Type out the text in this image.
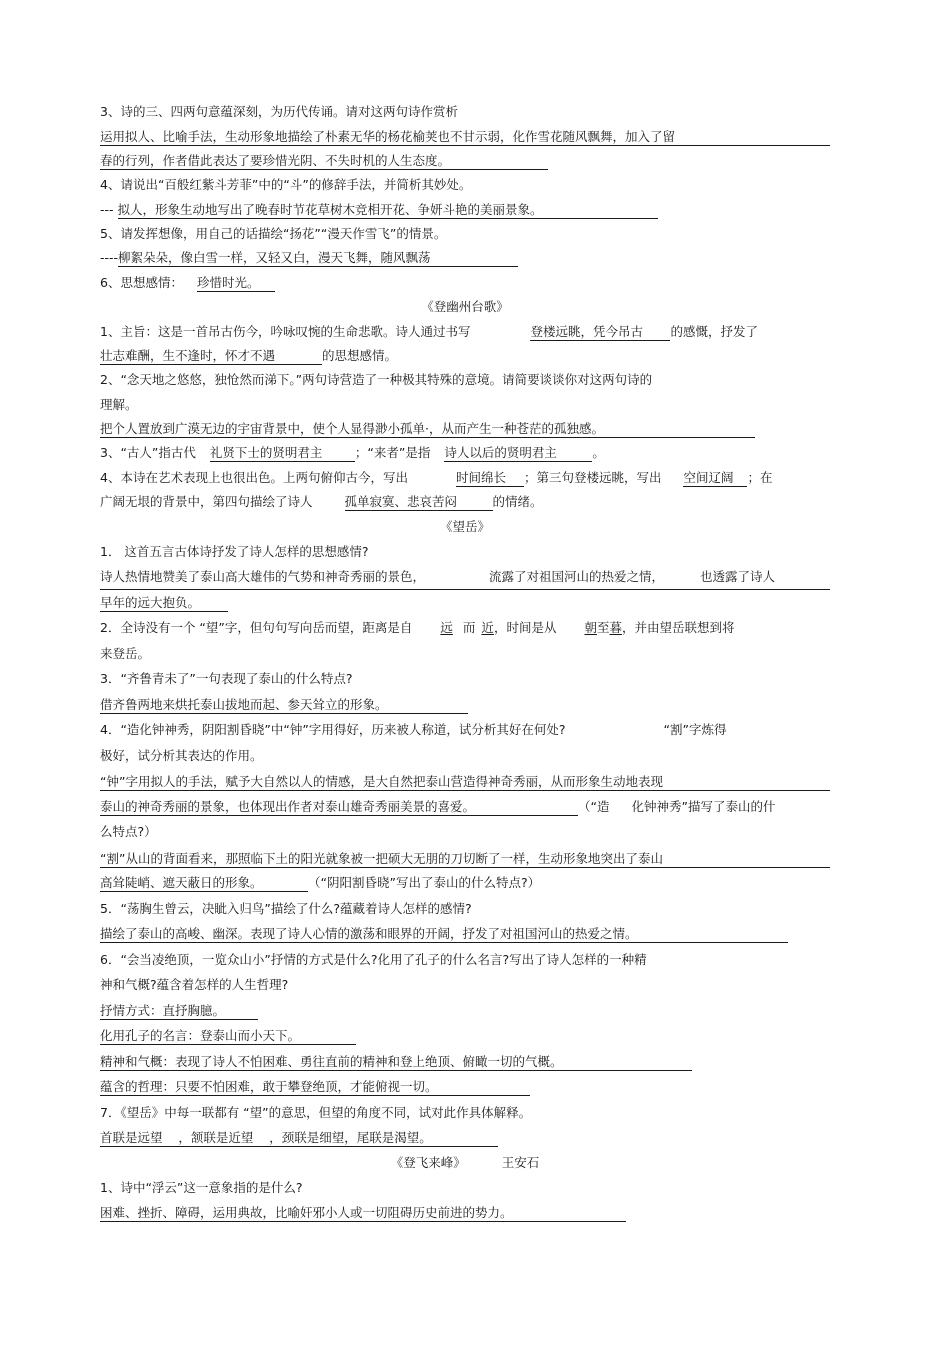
3、诗的三、四两句意蕴深刻，为历代传诵。请对这两句诗作赏析
运用拟人、比喻手法，生动形象地描绘了朴素无华的杨花榆荚也不甘示弱，化作雪花随风飘舞，加入了留
春的行列，作者借此表达了要珍惜光阴、不失时机的人生态度。
4、请说出“百般红紫斗芳菲”中的“斗”的修辞手法，并简析其妙处。
--- 拟人，形象生动地写出了晚春时节花草树木竞相开花、争妍斗艳的美丽景象。
5、请发挥想像，用自己的话描绘“扬花”“漫天作雪飞”的情景。
----柳絮朵朵，像白雪一样，又轻又白，漫天飞舞，随风飘荡
6、思想感情： 珍惜时光。
《登幽州台歌》
1、主旨：这是一首吊古伤今，吟咏叹惋的生命悲歌。诗人通过书写	登楼远眺，凭今吊古 的感慨，抒发了
壮志难酬，生不逢时，怀才不遇	的思想感情。
2、“念天地之悠悠，独怆然而涕下。”两句诗营造了一种极其特殊的意境。请简要谈谈你对这两句诗的
理解。
把个人置放到广漠无边的宇宙背景中，使个人显得渺小孤单·，从而产生一种苍茫的孤独感。
3、“古人”指古代 礼贤下士的贤明君主	；“来者”是指 诗人以后的贤明君主	。
4、本诗在艺术表现上也很出色。上两句俯仰古今，写出	时间绵长 ；第三句登楼远眺，写出 空间辽阔 ；在
广阔无垠的背景中，第四句描绘了诗人	孤单寂寞、悲哀苦闷	的情绪。
《望岳》
1． 这首五言古体诗抒发了诗人怎样的思想感情?
诗人热情地赞美了泰山高大雄伟的气势和神奇秀丽的景色，	流露了对祖国河山的热爱之情，	也透露了诗人
早年的远大抱负。
2．全诗没有一个 “望”字，但句句写向岳而望，距离是自 远 而 近，时间是从 朝至暮，并由望岳联想到将
来登岳。
3．“齐鲁青未了”一句表现了泰山的什么特点?
借齐鲁两地来烘托泰山拔地而起、参天耸立的形象。
4．“造化钟神秀，阴阳割昏晓”中“钟”字用得好，历来被人称道，试分析其好在何处?	“割”字炼得
极好，试分析其表达的作用。
“钟”字用拟人的手法，赋予大自然以人的情感，是大自然把泰山营造得神奇秀丽，从而形象生动地表现
泰山的神奇秀丽的景象，也体现出作者对泰山雄奇秀丽美景的喜爱。	（“造 化钟神秀”描写了泰山的什
么特点?）
“割”从山的背面看来，那照临下土的阳光就象被一把硕大无朋的刀切断了一样，生动形象地突出了泰山
高耸陡峭、遮天蔽日的形象。	（“阴阳割昏晓”写出了泰山的什么特点?）
5．“荡胸生曾云，决眦入归鸟”描绘了什么?蕴藏着诗人怎样的感情?
描绘了泰山的高峻、幽深。表现了诗人心情的激荡和眼界的开阔，抒发了对祖国河山的热爱之情。
6．“会当凌绝顶，一览众山小”抒情的方式是什么?化用了孔子的什么名言?写出了诗人怎样的一种精
神和气概?蕴含着怎样的人生哲理?
抒情方式：直抒胸臆。
化用孔子的名言：登泰山而小天下。
精神和气概：表现了诗人不怕困难、勇往直前的精神和登上绝顶、俯瞰一切的气概。
蕴含的哲理：只要不怕困难，敢于攀登绝顶，才能俯视一切。
7．《望岳》中每一联都有 “望”的意思，但望的角度不同，试对此作具体解释。
首联是远望    ，颔联是近望    ，颈联是细望，尾联是渴望。
《登飞来峰》	王安石
1、诗中“浮云”这一意象指的是什么?
困难、挫折、障碍，运用典故，比喻奸邪小人或一切阻碍历史前进的势力。
